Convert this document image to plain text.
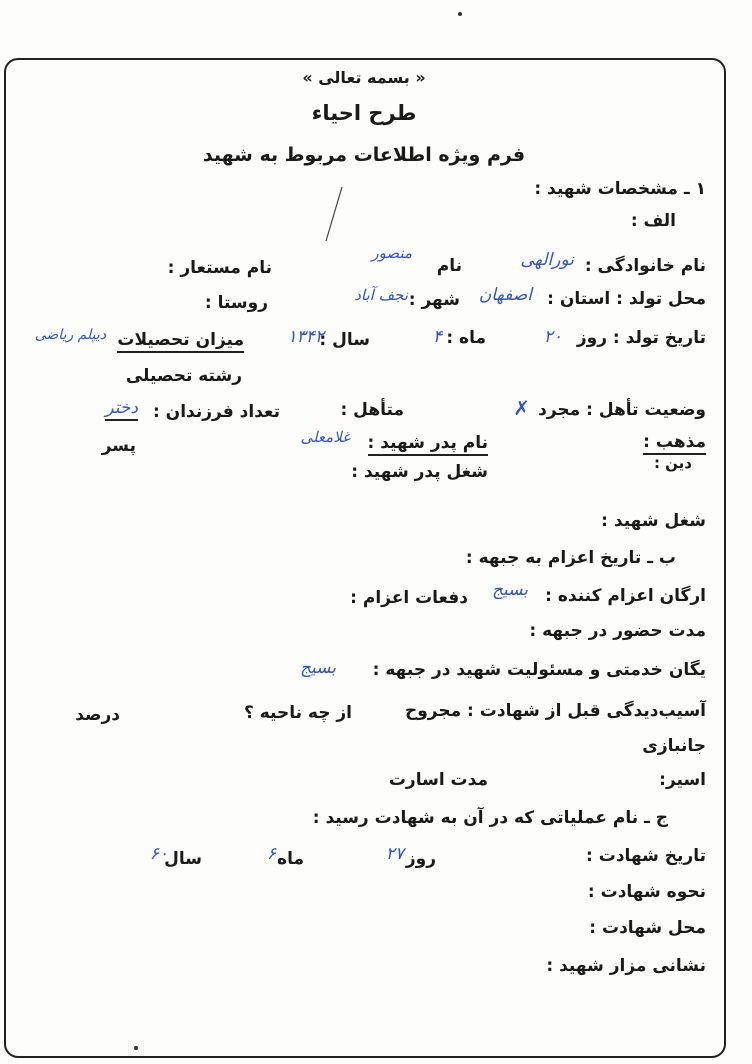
« بسمه تعالی »
طرح احیاء
فرم ویژه اطلاعات مربوط به شهید
۱ ـ مشخصات شهید :
الف :
نام خانوادگی :
نورالهی
نام
منصور
نام مستعار :
محل تولد : استان :
اصفهان
شهر :
نجف آباد
روستا :
تاریخ تولد : روز
۲۰
ماه :
۴
سال :
۱۳۴۲
میزان تحصیلات
دیپلم ریاضی
رشته تحصیلی
وضعیت تأهل : مجرد
✗
متأهل :
تعداد فرزندان :
دختر
پسر	نام پدر شهید :
غلامعلی
شغل پدر شهید :
مذهب :
دین :
شغل شهید :
ب ـ تاریخ اعزام به جبهه :
ارگان اعزام کننده :
بسیج
دفعات اعزام :
مدت حضور در جبهه :
یگان خدمتی و مسئولیت شهید در جبهه :
بسیج
آسیب‌دیدگی قبل از شهادت : مجروح
از چه ناحیه ؟
درصد
جانبازی
اسیر:
مدت اسارت
ج ـ نام عملیاتی که در آن به شهادت رسید :
تاریخ شهادت :
روز
۲۷
ماه
۶
سال
۶۰
نحوه شهادت :
محل شهادت :
نشانی مزار شهید :
